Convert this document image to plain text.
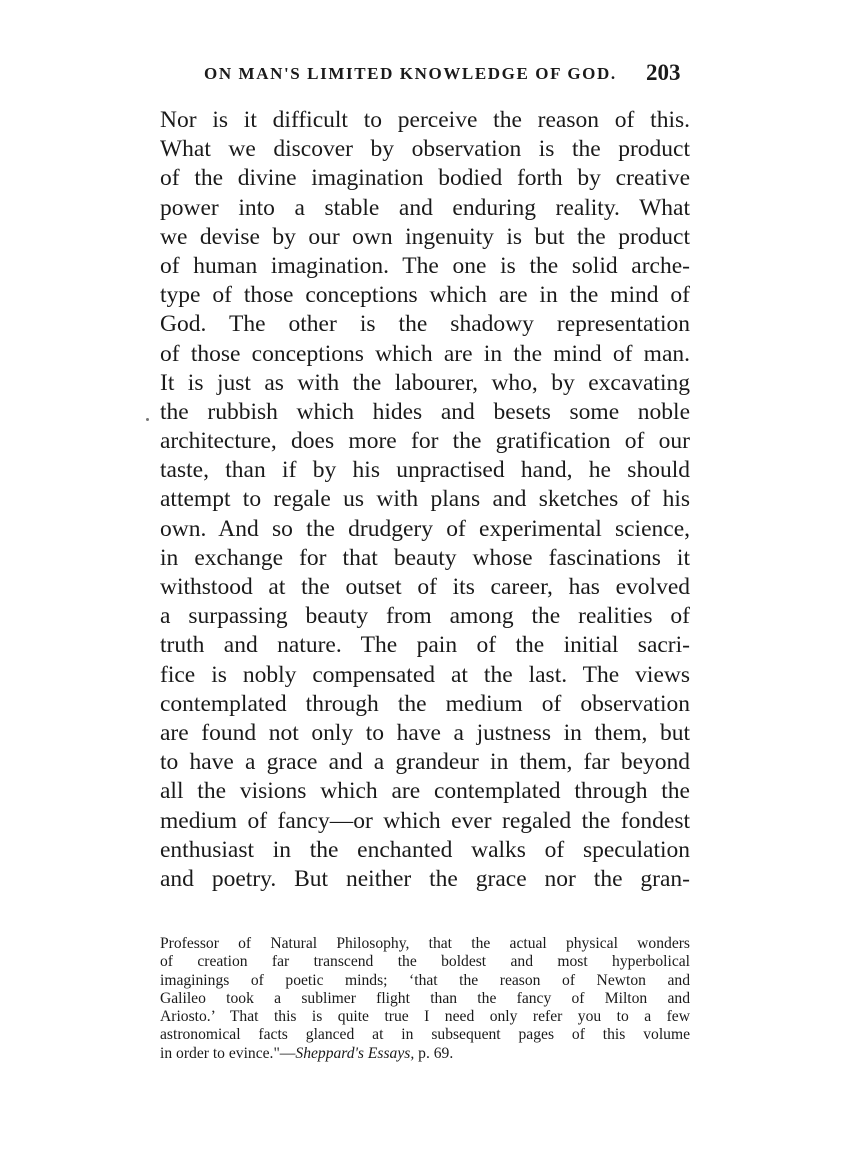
ON MAN'S LIMITED KNOWLEDGE OF GOD. 203
Nor is it difficult to perceive the reason of this.
What we discover by observation is the product
of the divine imagination bodied forth by creative
power into a stable and enduring reality. What
we devise by our own ingenuity is but the product
of human imagination. The one is the solid arche-
type of those conceptions which are in the mind of
God. The other is the shadowy representation
of those conceptions which are in the mind of man.
It is just as with the labourer, who, by excavating
the rubbish which hides and besets some noble
architecture, does more for the gratification of our
taste, than if by his unpractised hand, he should
attempt to regale us with plans and sketches of his
own. And so the drudgery of experimental science,
in exchange for that beauty whose fascinations it
withstood at the outset of its career, has evolved
a surpassing beauty from among the realities of
truth and nature. The pain of the initial sacri-
fice is nobly compensated at the last. The views
contemplated through the medium of observation
are found not only to have a justness in them, but
to have a grace and a grandeur in them, far beyond
all the visions which are contemplated through the
medium of fancy—or which ever regaled the fondest
enthusiast in the enchanted walks of speculation
and poetry. But neither the grace nor the gran-
Professor of Natural Philosophy, that the actual physical wonders
of creation far transcend the boldest and most hyperbolical
imaginings of poetic minds; ‘that the reason of Newton and
Galileo took a sublimer flight than the fancy of Milton and
Ariosto.’ That this is quite true I need only refer you to a few
astronomical facts glanced at in subsequent pages of this volume
in order to evince."—Sheppard's Essays, p. 69.
